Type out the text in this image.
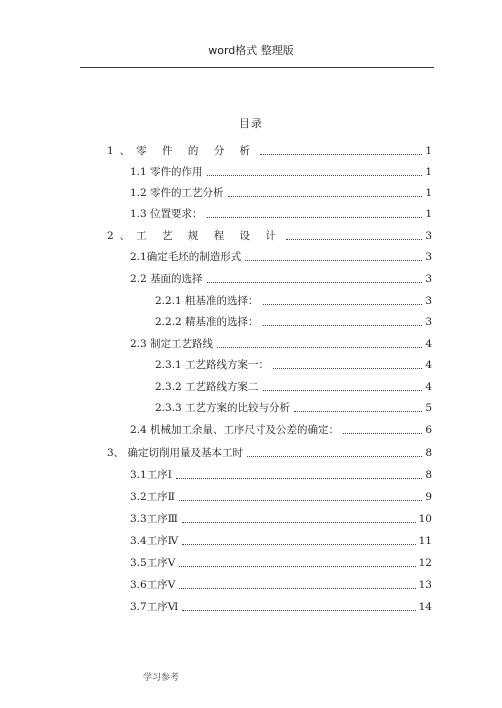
word格式 整理版
目录
1、零 件 的 分 析	1
1.1 零件的作用	1
1.2 零件的工艺分析	1
1.3 位置要求：	1
2、工 艺 规 程 设 计	3
2.1确定毛坯的制造形式	3
2.2 基面的选择	3
2.2.1 粗基准的选择：	3
2.2.2 精基准的选择：	3
2.3 制定工艺路线	4
2.3.1 工艺路线方案一：	4
2.3.2 工艺路线方案二	4
2.3.3 工艺方案的比较与分析	5
2.4 机械加工余量、工序尺寸及公差的确定：	6
3、 确定切削用量及基本工时	8
3.1工序Ⅰ	8
3.2工序Ⅱ	9
3.3工序Ⅲ	10
3.4工序Ⅳ	11
3.5工序Ⅴ	12
3.6工序Ⅴ	13
3.7工序Ⅵ	14
学习参考
